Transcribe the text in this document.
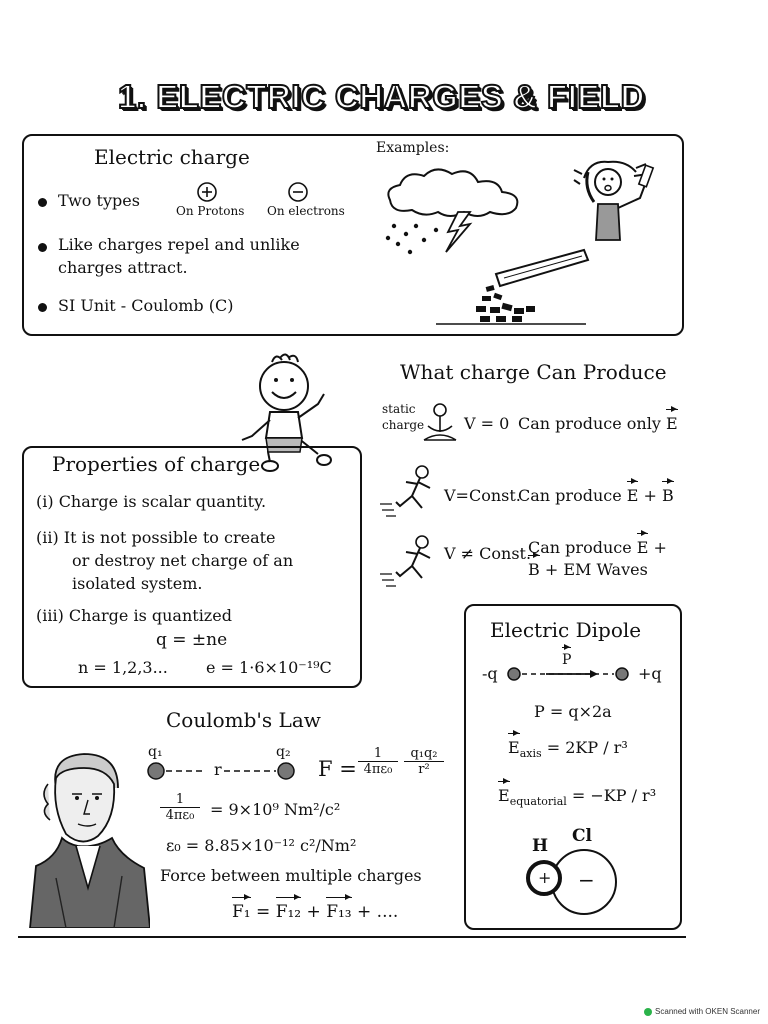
1. ELECTRIC CHARGES & FIELD
Electric charge
Two types
On Protons On electrons
Like charges repel and unlike
charges attract.
SI Unit - Coulomb (C)
Examples:
What charge Can Produce
static
charge V = 0 Can produce only E
V=Const.
Can produce E + B
V ≠ Const.
Can produce E +
B + EM Waves
Properties of charge
(i) Charge is scalar quantity.
(ii) It is not possible to create
or destroy net charge of an
isolated system.
(iii) Charge is quantized
q = ±ne
n = 1,2,3... e = 1·6×10⁻¹⁹C
Electric Dipole
-q
P
+q
P = q×2a
$E_{axis} = 2KP / r^3$
$E_{equatorial} = -KP / r^3$
H Cl
+ −
Coulomb's Law
q₁	q₂
r	$F = \frac{1}{\text{4πε₀}} \frac{\text{q₁q₂}}{\text{r²}}$
$\frac{1}{\text{4πε₀}} = 9\times 10^9$ Nm²/c²
ε₀ = 8.85×10⁻¹² c²/Nm²
Force between multiple charges
F₁ = F₁₂ + F₁₃ + ....
Scanned with OKEN Scanner
